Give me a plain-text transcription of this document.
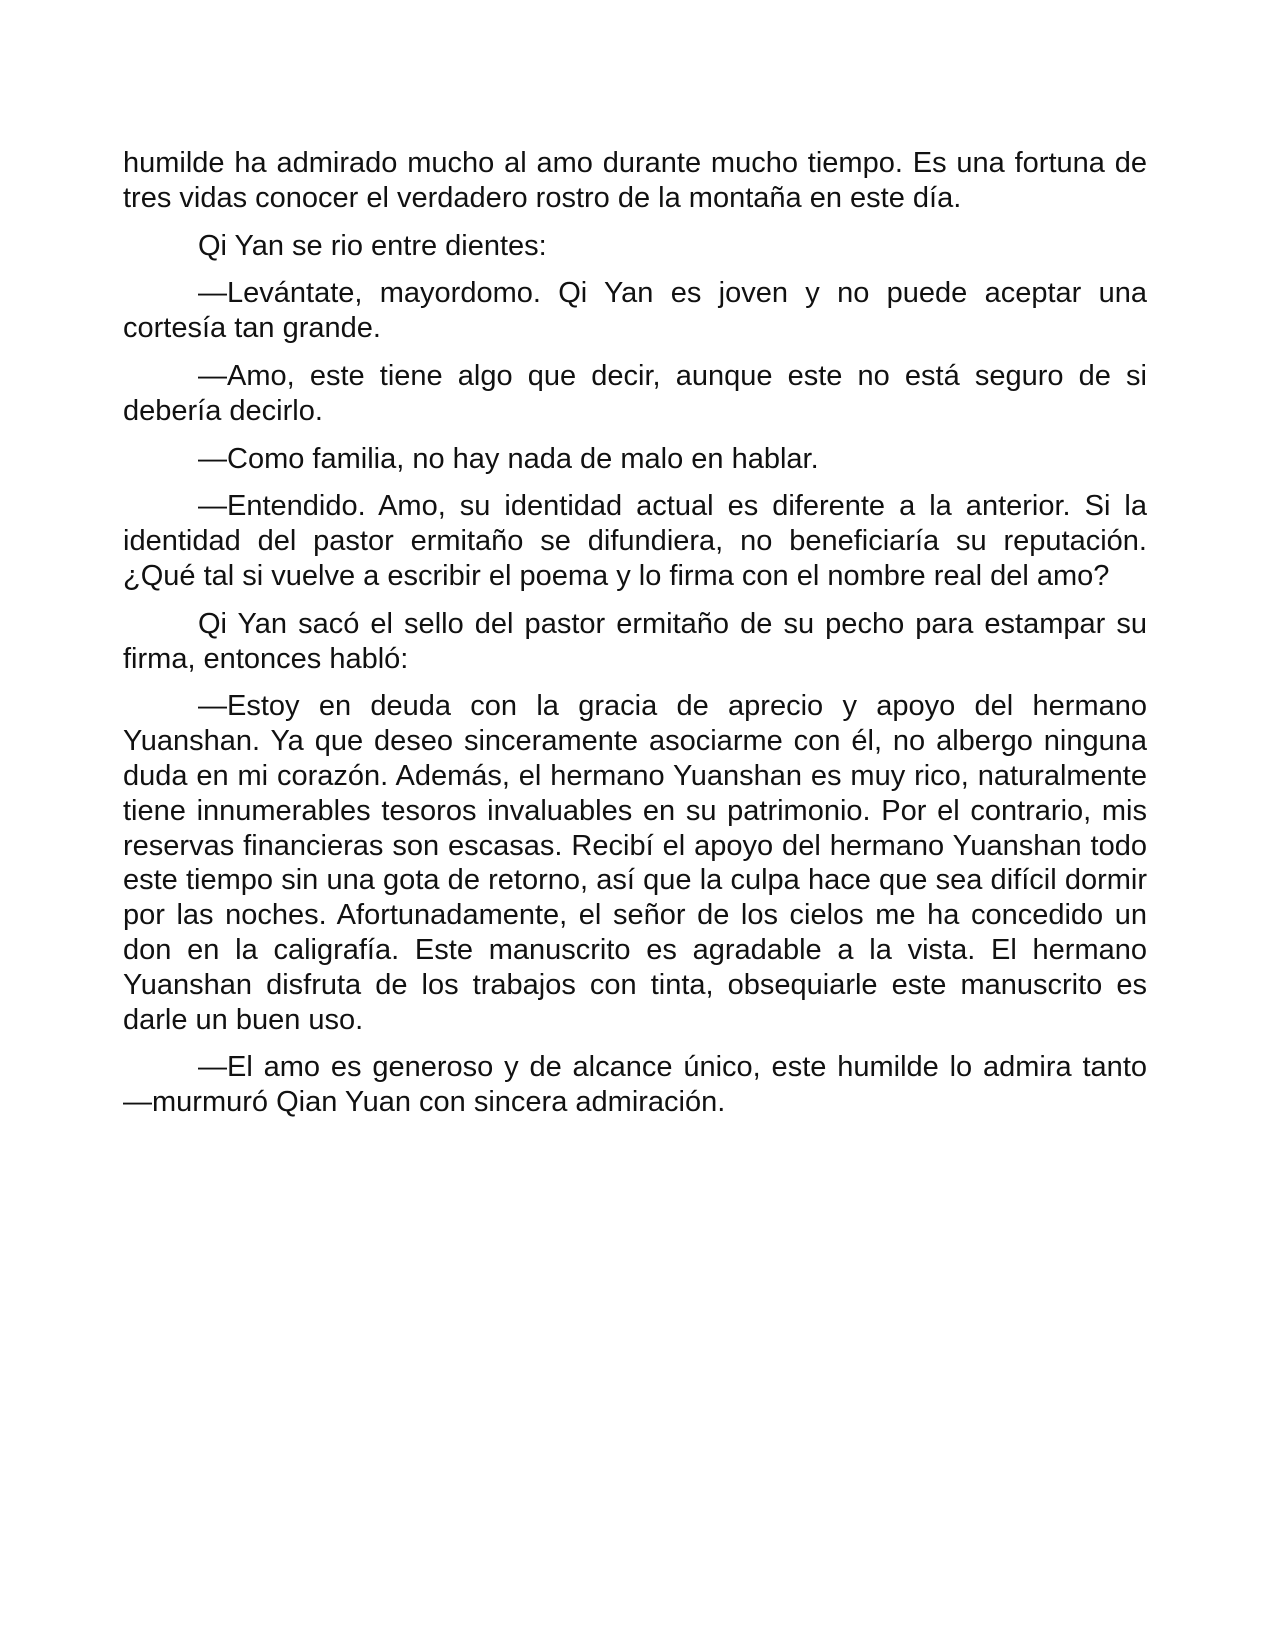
humilde ha admirado mucho al amo durante mucho tiempo. Es una fortuna de tres vidas conocer el verdadero rostro de la montaña en este día.

Qi Yan se rio entre dientes:

—Levántate, mayordomo. Qi Yan es joven y no puede aceptar una cortesía tan grande.

—Amo, este tiene algo que decir, aunque este no está seguro de si debería decirlo.

—Como familia, no hay nada de malo en hablar.

—Entendido. Amo, su identidad actual es diferente a la anterior. Si la identidad del pastor ermitaño se difundiera, no beneficiaría su reputación. ¿Qué tal si vuelve a escribir el poema y lo firma con el nombre real del amo?

Qi Yan sacó el sello del pastor ermitaño de su pecho para estampar su firma, entonces habló:

—Estoy en deuda con la gracia de aprecio y apoyo del hermano Yuanshan. Ya que deseo sinceramente asociarme con él, no albergo ninguna duda en mi corazón. Además, el hermano Yuanshan es muy rico, naturalmente tiene innumerables tesoros invaluables en su patrimonio. Por el contrario, mis reservas financieras son escasas. Recibí el apoyo del hermano Yuanshan todo este tiempo sin una gota de retorno, así que la culpa hace que sea difícil dormir por las noches. Afortunadamente, el señor de los cielos me ha concedido un don en la caligrafía. Este manuscrito es agradable a la vista. El hermano Yuanshan disfruta de los trabajos con tinta, obsequiarle este manuscrito es darle un buen uso.

—El amo es generoso y de alcance único, este humilde lo admira tanto —murmuró Qian Yuan con sincera admiración.
